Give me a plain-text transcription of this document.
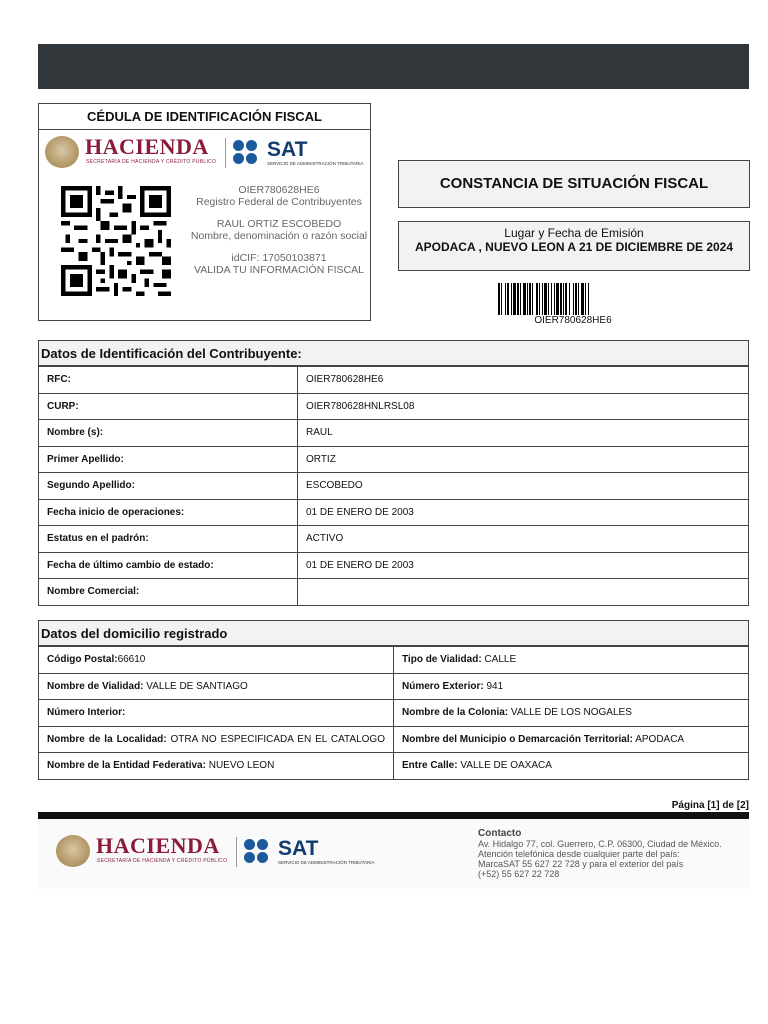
CÉDULA DE IDENTIFICACIÓN FISCAL
HACIENDA
SECRETARÍA DE HACIENDA Y CRÉDITO PÚBLICO
SAT
SERVICIO DE ADMINISTRACIÓN TRIBUTARIA
OIER780628HE6
Registro Federal de Contribuyentes
RAUL ORTIZ ESCOBEDO
Nombre, denominación o razón social
idCIF: 17050103871
VALIDA TU INFORMACIÓN FISCAL
CONSTANCIA DE SITUACIÓN FISCAL
Lugar y Fecha de Emisión
APODACA , NUEVO LEON A 21 DE DICIEMBRE DE 2024
OIER780628HE6
Datos de Identificación del Contribuyente:
RFC:	OIER780628HE6
CURP:	OIER780628HNLRSL08
Nombre (s):	RAUL
Primer Apellido:	ORTIZ
Segundo Apellido:	ESCOBEDO
Fecha inicio de operaciones:	01 DE ENERO DE 2003
Estatus en el padrón:	ACTIVO
Fecha de último cambio de estado:	01 DE ENERO DE 2003
Nombre Comercial:	
Datos del domicilio registrado
Código Postal:66610	Tipo de Vialidad: CALLE
Nombre de Vialidad: VALLE DE SANTIAGO	Número Exterior: 941
Número Interior:	Nombre de la Colonia: VALLE DE LOS NOGALES
Nombre de la Localidad: OTRA NO ESPECIFICADA EN EL CATALOGO	Nombre del Municipio o Demarcación Territorial: APODACA
Nombre de la Entidad Federativa: NUEVO LEON	Entre Calle: VALLE DE OAXACA
Página [1] de [2]
HACIENDA
SECRETARÍA DE HACIENDA Y CRÉDITO PÚBLICO
SAT
SERVICIO DE ADMINISTRACIÓN TRIBUTARIA
Contacto
Av. Hidalgo 77, col. Guerrero, C.P. 06300, Ciudad de México.
Atención telefónica desde cualquier parte del país:
MarcaSAT 55 627 22 728 y para el exterior del país
(+52) 55 627 22 728
